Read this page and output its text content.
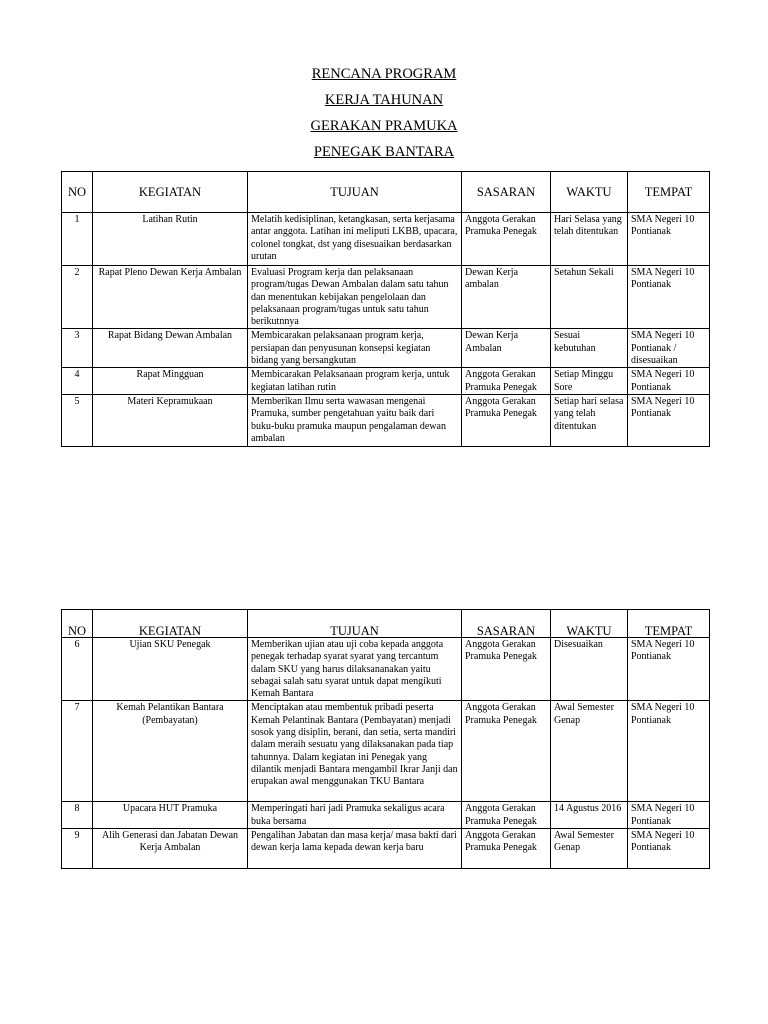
RENCANA PROGRAM
KERJA TAHUNAN
GERAKAN PRAMUKA
PENEGAK BANTARA
NO	KEGIATAN	TUJUAN	SASARAN	WAKTU	TEMPAT
1	Latihan Rutin	Melatih kedisiplinan, ketangkasan, serta kerjasama antar anggota. Latihan ini meliputi LKBB, upacara, colonel tongkat, dst yang disesuaikan berdasarkan urutan	Anggota Gerakan Pramuka Penegak	Hari Selasa yang telah ditentukan	SMA Negeri 10 Pontianak
2	Rapat Pleno Dewan Kerja Ambalan	Evaluasi Program kerja dan pelaksanaan program/tugas Dewan Ambalan dalam satu tahun dan menentukan kebijakan pengelolaan dan pelaksanaan program/tugas untuk satu tahun berikutnnya	Dewan Kerja ambalan	Setahun Sekali	SMA Negeri 10 Pontianak
3	Rapat Bidang Dewan Ambalan	Membicarakan pelaksanaan program kerja, persiapan dan penyusunan konsepsi kegiatan bidang yang bersangkutan	Dewan Kerja Ambalan	Sesuai kebutuhan	SMA Negeri 10 Pontianak / disesuaikan
4	Rapat Mingguan	Membicarakan Pelaksanaan program kerja, untuk kegiatan latihan rutin	Anggota Gerakan Pramuka Penegak	Setiap Minggu Sore	SMA Negeri 10 Pontianak
5	Materi Kepramukaan	Memberikan Ilmu serta wawasan mengenai Pramuka, sumber pengetahuan yaitu baik dari buku-buku pramuka maupun pengalaman dewan ambalan	Anggota Gerakan Pramuka Penegak	Setiap hari selasa yang telah ditentukan	SMA Negeri 10 Pontianak
NO	KEGIATAN	TUJUAN	SASARAN	WAKTU	TEMPAT
6	Ujian SKU Penegak	Memberikan ujian atau uji coba kepada anggota penegak terhadap syarat syarat yang tercantum dalam SKU yang harus dilaksananakan yaitu sebagai salah satu syarat untuk dapat mengikuti Kemah Bantara	Anggota Gerakan Pramuka Penegak	Disesuaikan	SMA Negeri 10 Pontianak
7	Kemah Pelantikan Bantara (Pembayatan)	Menciptakan atau membentuk pribadi peserta Kemah Pelantinak Bantara (Pembayatan) menjadi sosok yang disiplin, berani, dan setia, serta mandiri dalam meraih sesuatu yang dilaksanakan pada tiap tahunnya. Dalam kegiatan ini Penegak yang dilantik menjadi Bantara mengambil Ikrar Janji dan erupakan awal menggunakan TKU Bantara	Anggota Gerakan Pramuka Penegak	Awal Semester Genap	SMA Negeri 10 Pontianak
8	Upacara HUT Pramuka	Memperingati hari jadi Pramuka sekaligus acara buka bersama	Anggota Gerakan Pramuka Penegak	14 Agustus 2016	SMA Negeri 10 Pontianak
9	Alih Generasi dan Jabatan Dewan Kerja Ambalan	Pengalihan Jabatan dan masa kerja/ masa bakti dari dewan kerja lama kepada dewan kerja baru	Anggota Gerakan Pramuka Penegak	Awal Semester Genap	SMA Negeri 10 Pontianak
